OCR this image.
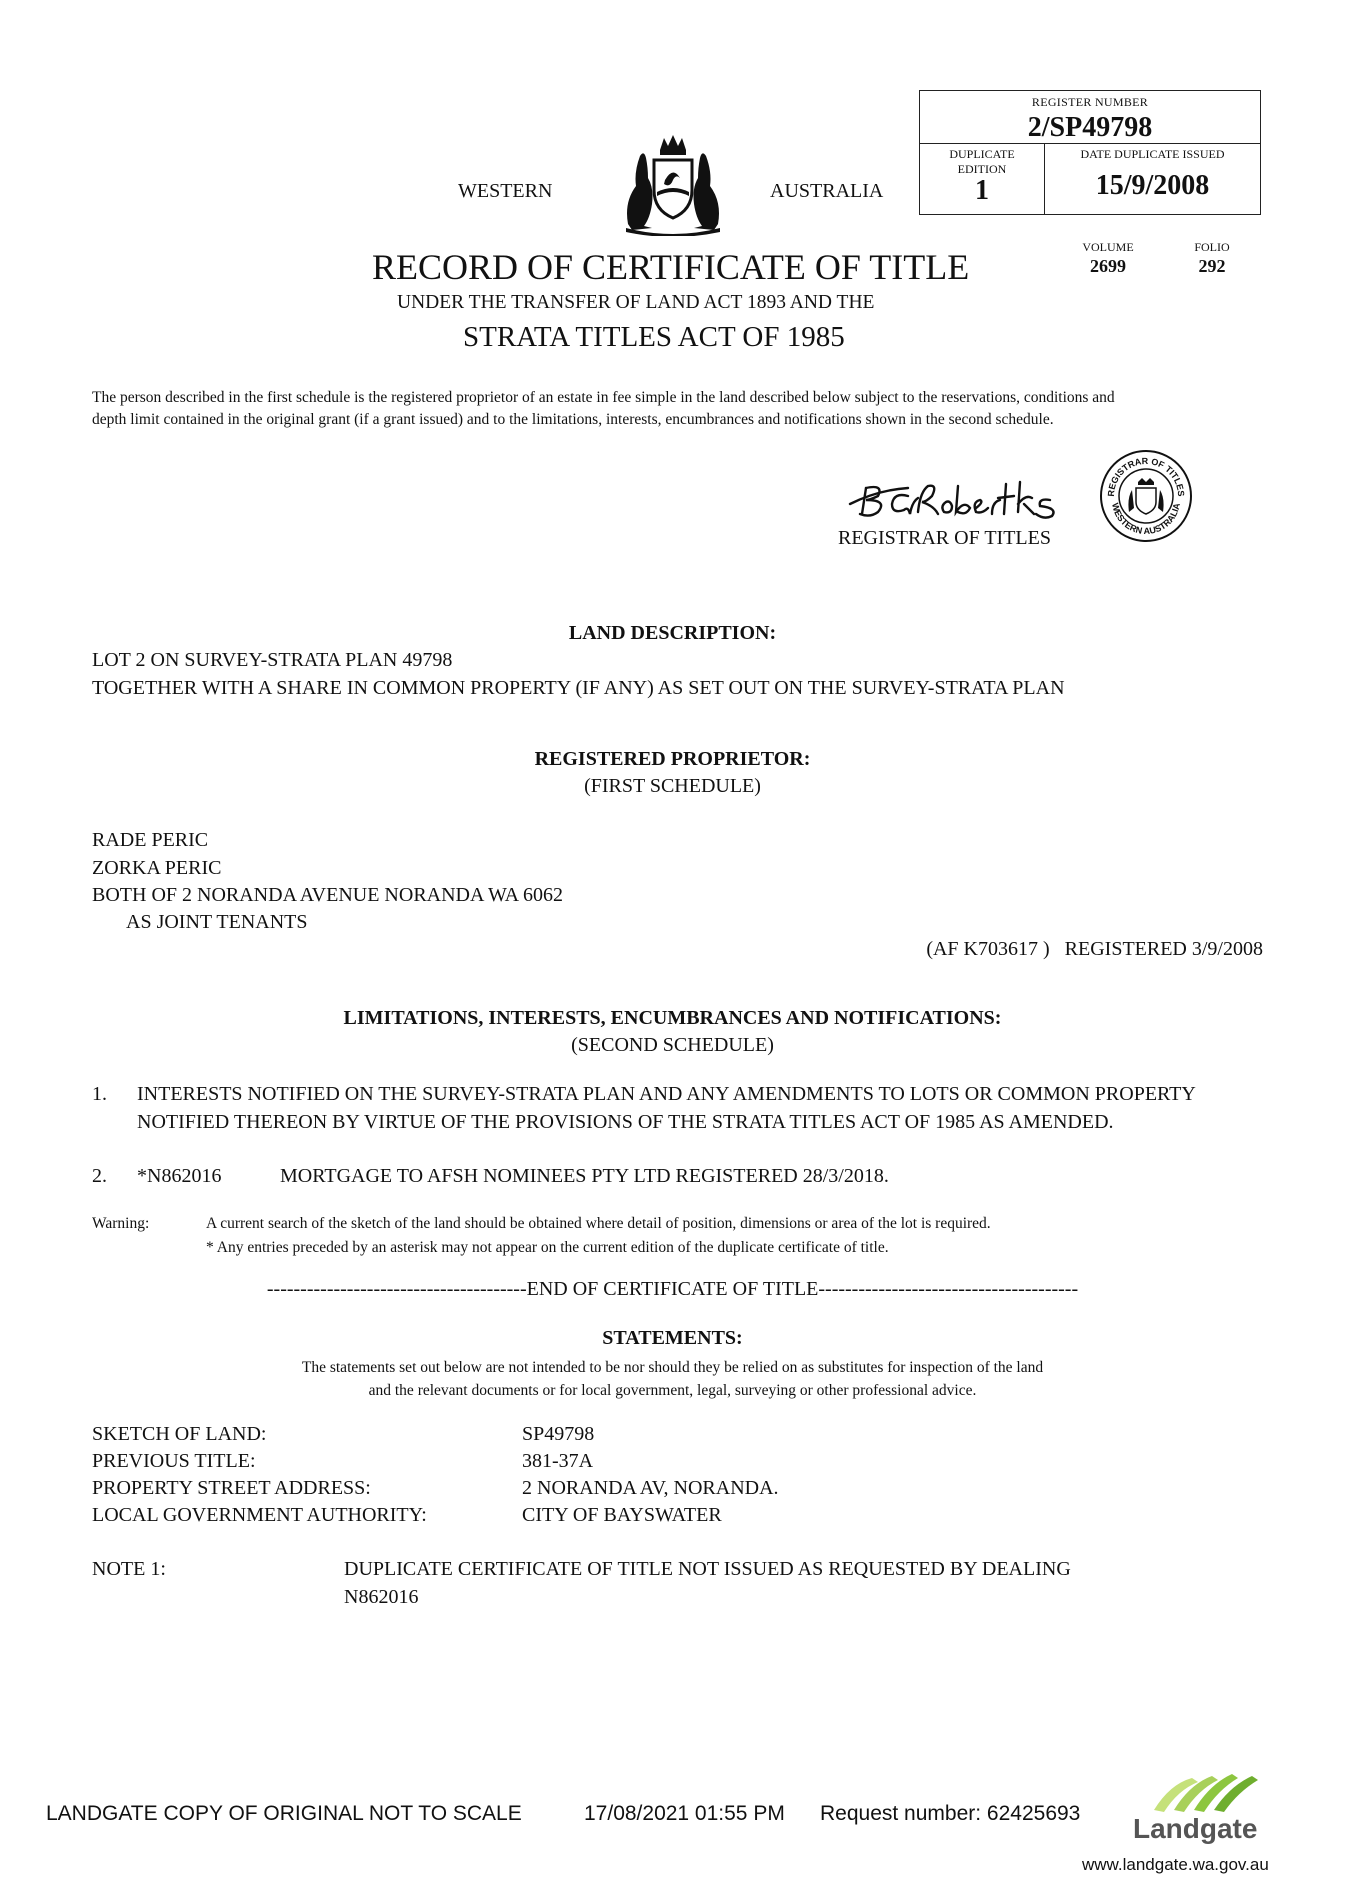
WESTERN	AUSTRALIA
RECORD OF CERTIFICATE OF TITLE
UNDER THE TRANSFER OF LAND ACT 1893 AND THE
STRATA TITLES ACT OF 1985
REGISTER NUMBER
2/SP49798
DUPLICATE EDITION
1
DATE DUPLICATE ISSUED
15/9/2008
VOLUME
2699
FOLIO
292
The person described in the first schedule is the registered proprietor of an estate in fee simple in the land described below subject to the reservations, conditions and depth limit contained in the original grant (if a grant issued) and to the limitations, interests, encumbrances and notifications shown in the second schedule.
REGISTRAR OF TITLES
REGISTRAR OF TITLES
WESTERN AUSTRALIA
LAND DESCRIPTION:
LOT 2 ON SURVEY-STRATA PLAN 49798
TOGETHER WITH A SHARE IN COMMON PROPERTY (IF ANY) AS SET OUT ON THE SURVEY-STRATA PLAN
REGISTERED PROPRIETOR:
(FIRST SCHEDULE)
RADE PERIC
ZORKA PERIC
BOTH OF 2 NORANDA AVENUE NORANDA WA 6062
AS JOINT TENANTS
(AF K703617 )   REGISTERED 3/9/2008
LIMITATIONS, INTERESTS, ENCUMBRANCES AND NOTIFICATIONS:
(SECOND SCHEDULE)
1. INTERESTS NOTIFIED ON THE SURVEY-STRATA PLAN AND ANY AMENDMENTS TO LOTS OR COMMON PROPERTY NOTIFIED THEREON BY VIRTUE OF THE PROVISIONS OF THE STRATA TITLES ACT OF 1985 AS AMENDED.
2. *N862016	MORTGAGE TO AFSH NOMINEES PTY LTD REGISTERED 28/3/2018.
Warning:	A current search of the sketch of the land should be obtained where detail of position, dimensions or area of the lot is required.
* Any entries preceded by an asterisk may not appear on the current edition of the duplicate certificate of title.
---------------------------------------END OF CERTIFICATE OF TITLE---------------------------------------
STATEMENTS:
The statements set out below are not intended to be nor should they be relied on as substitutes for inspection of the land
and the relevant documents or for local government, legal, surveying or other professional advice.
SKETCH OF LAND:	SP49798
PREVIOUS TITLE:	381-37A
PROPERTY STREET ADDRESS:	2 NORANDA AV, NORANDA.
LOCAL GOVERNMENT AUTHORITY:	CITY OF BAYSWATER
NOTE 1:	DUPLICATE CERTIFICATE OF TITLE NOT ISSUED AS REQUESTED BY DEALING
N862016
LANDGATE COPY OF ORIGINAL NOT TO SCALE	17/08/2021 01:55 PM Request number: 62425693 Landgate
www.landgate.wa.gov.au
